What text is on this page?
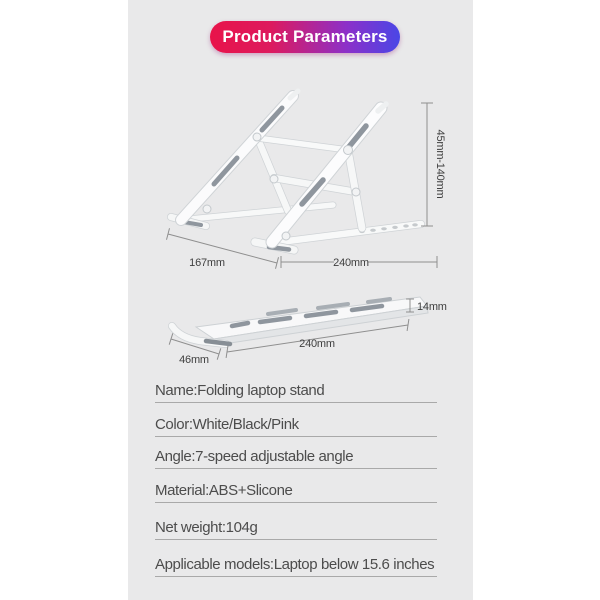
Product Parameters
45mm-140mm
167mm	240mm
14mm
240mm
46mm
Name:Folding laptop stand
Color:White/Black/Pink
Angle:7-speed adjustable angle
Material:ABS+Slicone
Net weight:104g
Applicable models:Laptop below 15.6 inches
